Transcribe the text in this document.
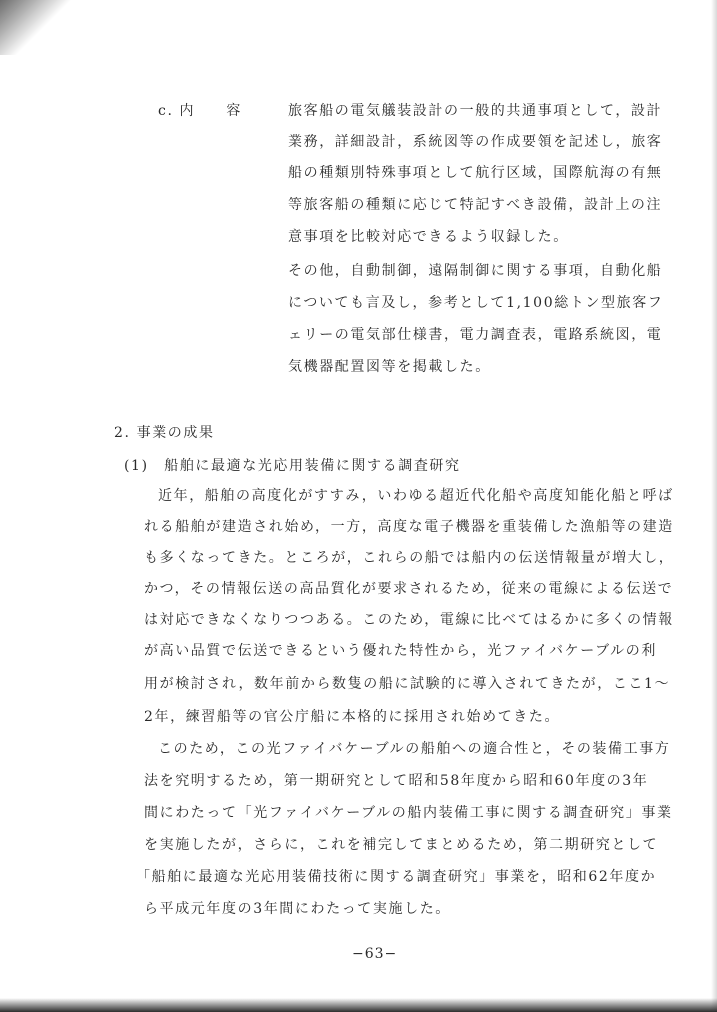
c. 内　　容	旅客船の電気艤装設計の一般的共通事項として，設計
業務，詳細設計，系統図等の作成要領を記述し，旅客
船の種類別特殊事項として航行区域，国際航海の有無
等旅客船の種類に応じて特記すべき設備，設計上の注
意事項を比較対応できるよう収録した。
その他，自動制御，遠隔制御に関する事項，自動化船
についても言及し，参考として1,100総トン型旅客フ
ェリーの電気部仕様書，電力調査表，電路系統図，電
気機器配置図等を掲載した。
2. 事業の成果
(1)　船舶に最適な光応用装備に関する調査研究
近年，船舶の高度化がすすみ，いわゆる超近代化船や高度知能化船と呼ば
れる船舶が建造され始め，一方，高度な電子機器を重装備した漁船等の建造
も多くなってきた。ところが，これらの船では船内の伝送情報量が増大し，
かつ，その情報伝送の高品質化が要求されるため，従来の電線による伝送で
は対応できなくなりつつある。このため，電線に比べてはるかに多くの情報
が高い品質で伝送できるという優れた特性から，光ファイバケーブルの利
用が検討され，数年前から数隻の船に試験的に導入されてきたが，ここ1〜
2年，練習船等の官公庁船に本格的に採用され始めてきた。
このため，この光ファイバケーブルの船舶への適合性と，その装備工事方
法を究明するため，第一期研究として昭和58年度から昭和60年度の3年
間にわたって「光ファイバケーブルの船内装備工事に関する調査研究」事業
を実施したが，さらに，これを補完してまとめるため，第二期研究として
「船舶に最適な光応用装備技術に関する調査研究」事業を，昭和62年度か
ら平成元年度の3年間にわたって実施した。
−63−
